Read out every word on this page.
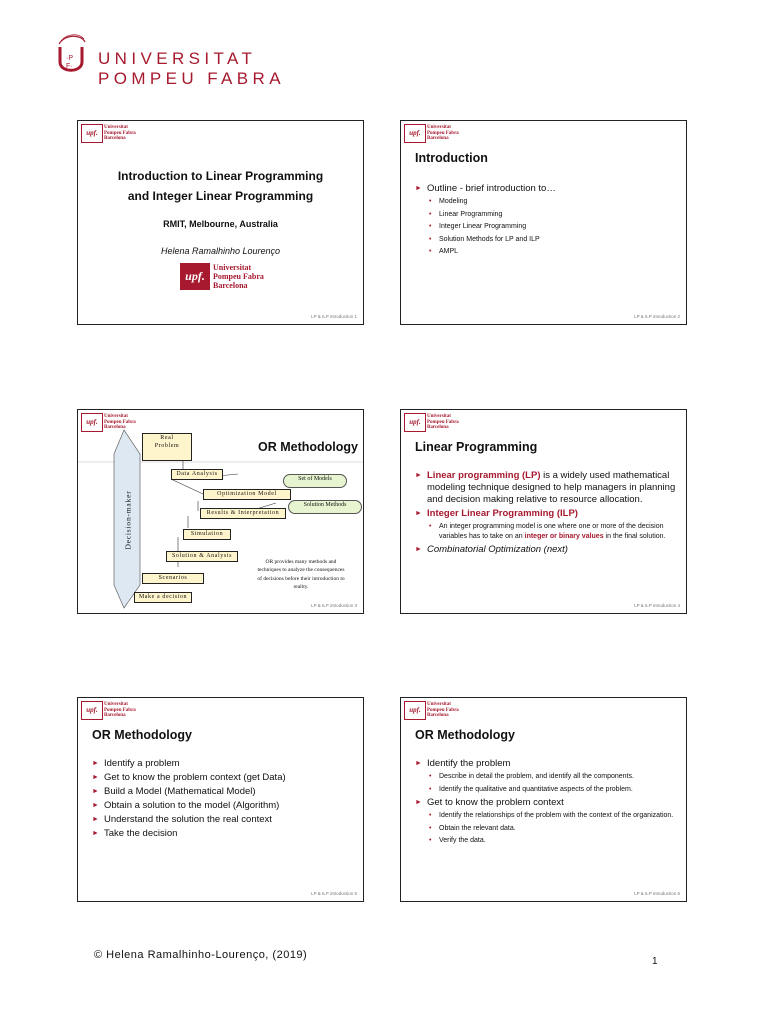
·P
F· UNIVERSITAT
POMPEU FABRA
upf.
Universitat
Pompeu Fabra
Barcelona
Introduction to Linear Programming
and Integer Linear Programming
RMIT, Melbourne, Australia
Helena Ramalhinho Lourenço
upf.
Universitat
Pompeu Fabra
Barcelona
LP & ILP introduction 1
upf.
Universitat
Pompeu Fabra
Barcelona
Introduction
► Outline - brief introduction to…
• Modeling
• Linear Programming
• Integer Linear Programming
• Solution Methods for LP and ILP
• AMPL
LP & ILP introduction 2
upf.
Universitat
Pompeu Fabra
Barcelona
Real
Problem
Data Analysis
Optimization Model
Results & Interpretation
Simulation
Solution & Analysis
Scenarios
Make a decision
Set of Models
Solution Methods
Decision-maker
OR provides many methods and techniques to analyze the consequences of decisions before their introduction to reality.
OR Methodology
LP & ILP introduction 3
upf.
Universitat
Pompeu Fabra
Barcelona
Linear Programming
► Linear programming (LP) is a widely used mathematical modeling technique designed to help managers in planning and decision making relative to resource allocation.
► Integer Linear Programming (ILP)
• An integer programming model is one where one or more of the decision variables has to take on an integer or binary values in the final solution.
► Combinatorial Optimization (next)
LP & ILP introduction 4
upf.
Universitat
Pompeu Fabra
Barcelona
OR Methodology
► Identify a problem
► Get to know the problem context (get Data)
► Build a Model (Mathematical Model)
► Obtain a solution to the model (Algorithm)
► Understand the solution the real context
► Take the decision
LP & ILP introduction 5
upf.
Universitat
Pompeu Fabra
Barcelona
OR Methodology
► Identify the problem
• Describe in detail the problem, and identify all the components.
• Identify the qualitative and quantitative aspects of the problem.
► Get to know the problem context
• Identify the relationships of the problem with the context of the organization.
• Obtain the relevant data.
• Verify the data.
LP & ILP introduction 6
© Helena Ramalhinho-Lourenço, (2019)
1
